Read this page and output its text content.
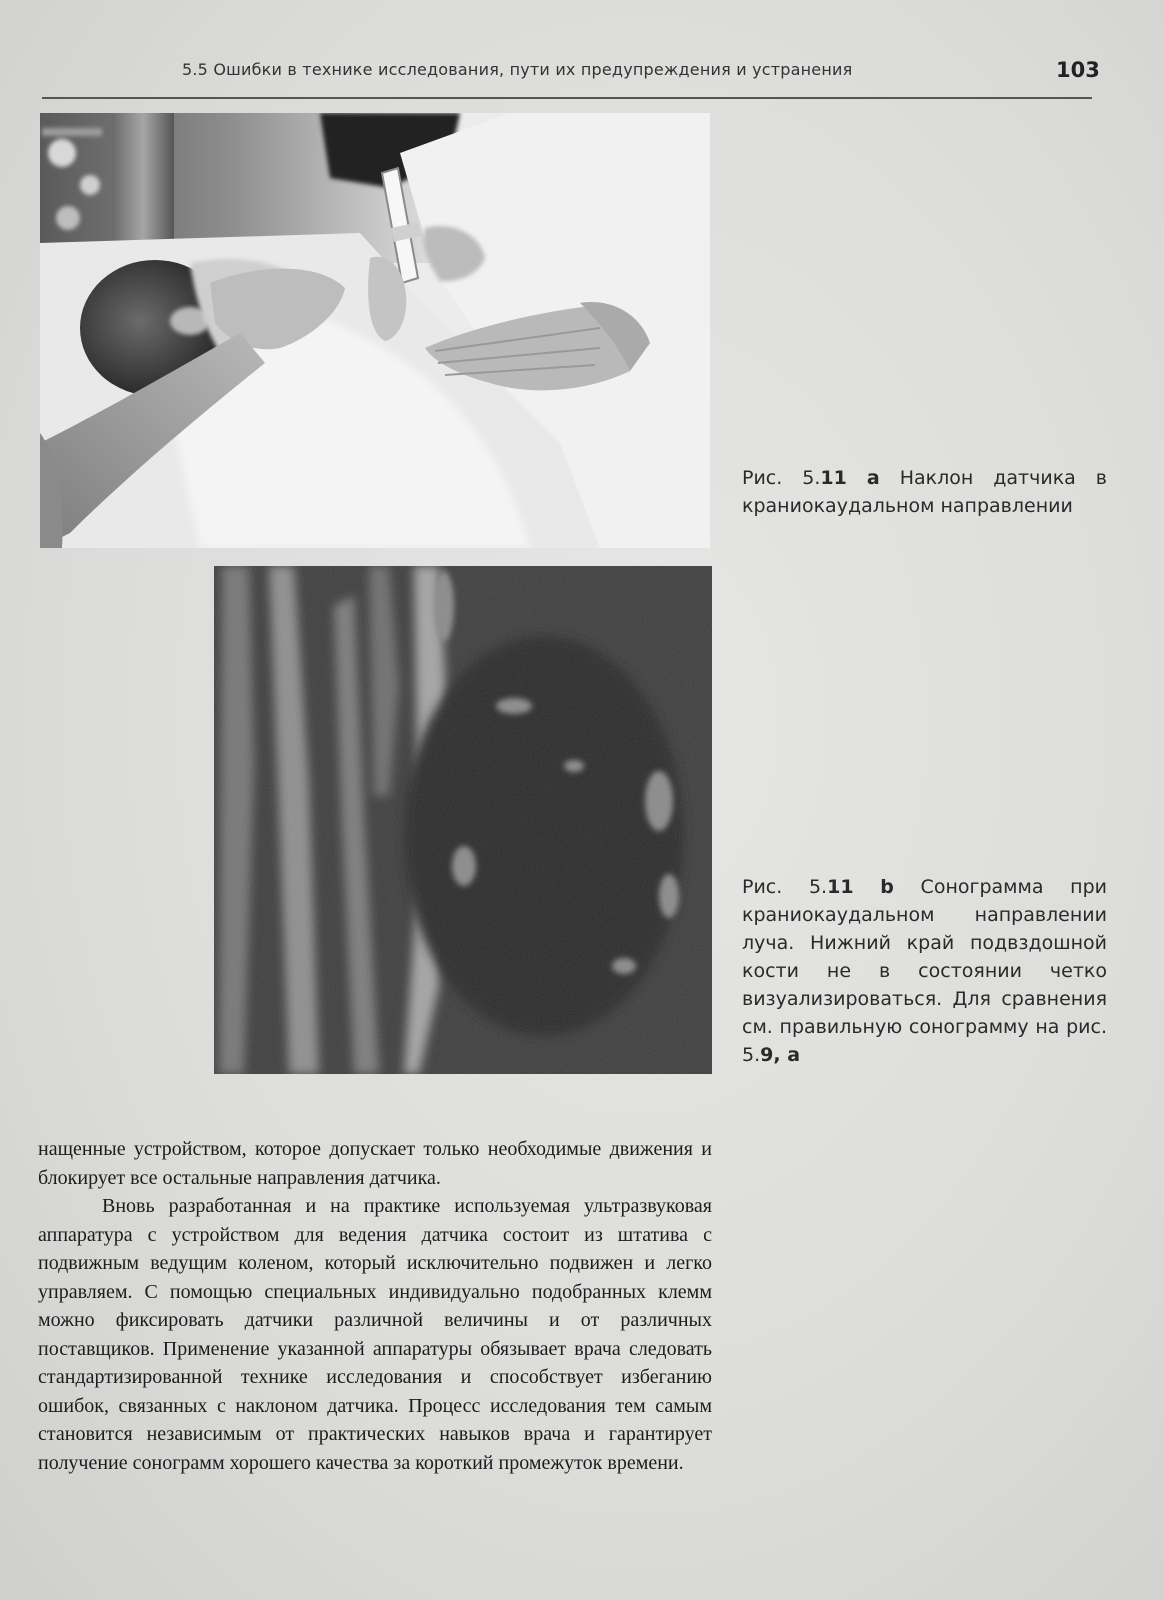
5.5 Ошибки в технике исследования, пути их предупреждения и устранения	103
Рис. 5.11 a Наклон датчика в краниокаудальном направлении
Рис. 5.11 b Сонограмма при краниокаудальном направлении луча. Нижний край подвздошной кости не в состоянии четко визуализироваться. Для сравнения см. правильную сонограмму на рис. 5.9, a

нащенные устройством, которое допускает только необходимые движения и блокирует все остальные направления датчика.

Вновь разработанная и на практике используемая ультразвуковая аппаратура с устройством для ведения датчика состоит из штатива с подвижным ведущим коленом, который исключительно подвижен и легко управляем. С помощью специальных индивидуально подобранных клемм можно фиксировать датчики различной величины и от различных поставщиков. Применение указанной аппаратуры обязывает врача следовать стандартизированной технике исследования и способствует избеганию ошибок, связанных с наклоном датчика. Процесс исследования тем самым становится независимым от практических навыков врача и гарантирует получение сонограмм хорошего качества за короткий промежуток времени.
